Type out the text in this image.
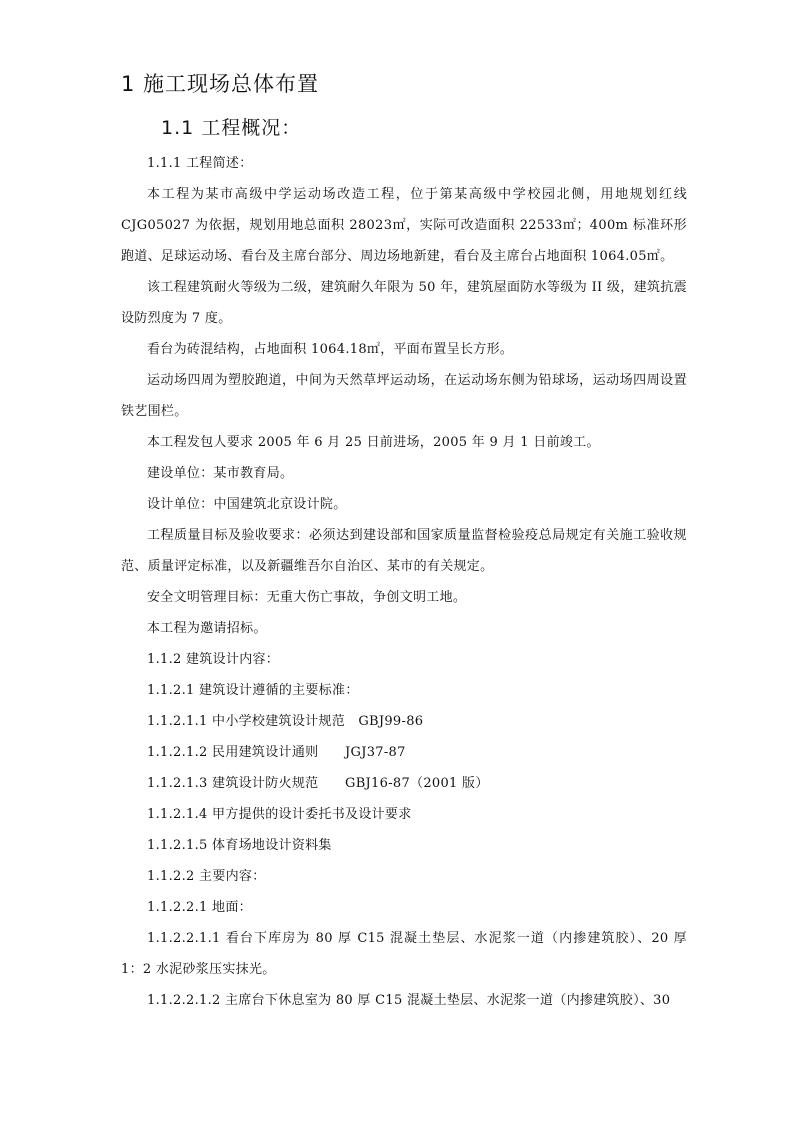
1 施工现场总体布置
1.1 工程概况：

1.1.1 工程简述：

本工程为某市高级中学运动场改造工程，位于第某高级中学校园北侧，用地规划红线CJG05027 为依据，规划用地总面积 28023㎡，实际可改造面积 22533㎡；400m 标准环形跑道、足球运动场、看台及主席台部分、周边场地新建，看台及主席台占地面积 1064.05㎡。

该工程建筑耐火等级为二级，建筑耐久年限为 50 年，建筑屋面防水等级为 II 级，建筑抗震设防烈度为 7 度。

看台为砖混结构，占地面积 1064.18㎡，平面布置呈长方形。

运动场四周为塑胶跑道，中间为天然草坪运动场，在运动场东侧为铅球场，运动场四周设置铁艺围栏。

本工程发包人要求 2005 年 6 月 25 日前进场，2005 年 9 月 1 日前竣工。

建设单位：某市教育局。

设计单位：中国建筑北京设计院。

工程质量目标及验收要求：必须达到建设部和国家质量监督检验疫总局规定有关施工验收规范、质量评定标准，以及新疆维吾尔自治区、某市的有关规定。

安全文明管理目标：无重大伤亡事故，争创文明工地。

本工程为邀请招标。

1.1.2 建筑设计内容：

1.1.2.1 建筑设计遵循的主要标准：

1.1.2.1.1 中小学校建筑设计规范   GBJ99-86

1.1.2.1.2 民用建筑设计通则      JGJ37-87

1.1.2.1.3 建筑设计防火规范      GBJ16-87（2001 版）

1.1.2.1.4 甲方提供的设计委托书及设计要求

1.1.2.1.5 体育场地设计资料集

1.1.2.2 主要内容：

1.1.2.2.1 地面：

1.1.2.2.1.1 看台下库房为 80 厚 C15 混凝土垫层、水泥浆一道（内掺建筑胶）、20 厚 1：2 水泥砂浆压实抹光。

1.1.2.2.1.2 主席台下休息室为 80 厚 C15 混凝土垫层、水泥浆一道（内掺建筑胶）、30
